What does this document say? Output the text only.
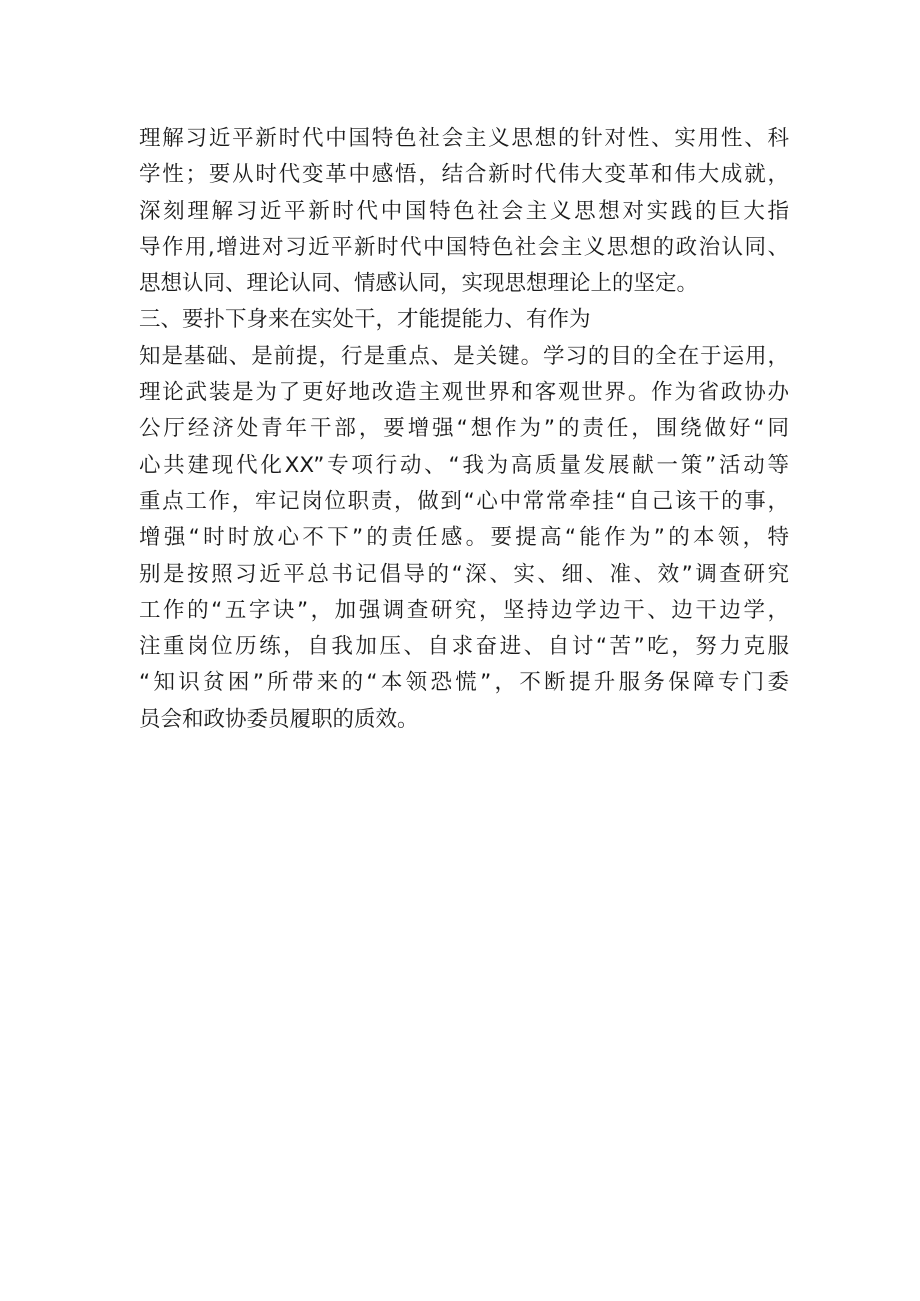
理解习近平新时代中国特色社会主义思想的针对性、实用性、科
学性；要从时代变革中感悟，结合新时代伟大变革和伟大成就，
深刻理解习近平新时代中国特色社会主义思想对实践的巨大指
导作用,增进对习近平新时代中国特色社会主义思想的政治认同、
思想认同、理论认同、情感认同，实现思想理论上的坚定。
三、要扑下身来在实处干，才能提能力、有作为
知是基础、是前提，行是重点、是关键。学习的目的全在于运用，
理论武装是为了更好地改造主观世界和客观世界。作为省政协办
公厅经济处青年干部，要增强“想作为”的责任，围绕做好“同
心共建现代化XX”专项行动、“我为高质量发展献一策”活动等
重点工作，牢记岗位职责，做到“心中常常牵挂“自己该干的事，
增强“时时放心不下”的责任感。要提高“能作为”的本领，特
别是按照习近平总书记倡导的“深、实、细、准、效”调查研究
工作的“五字诀”，加强调查研究，坚持边学边干、边干边学，
注重岗位历练，自我加压、自求奋进、自讨“苦”吃，努力克服
“知识贫困”所带来的“本领恐慌”，不断提升服务保障专门委
员会和政协委员履职的质效。
